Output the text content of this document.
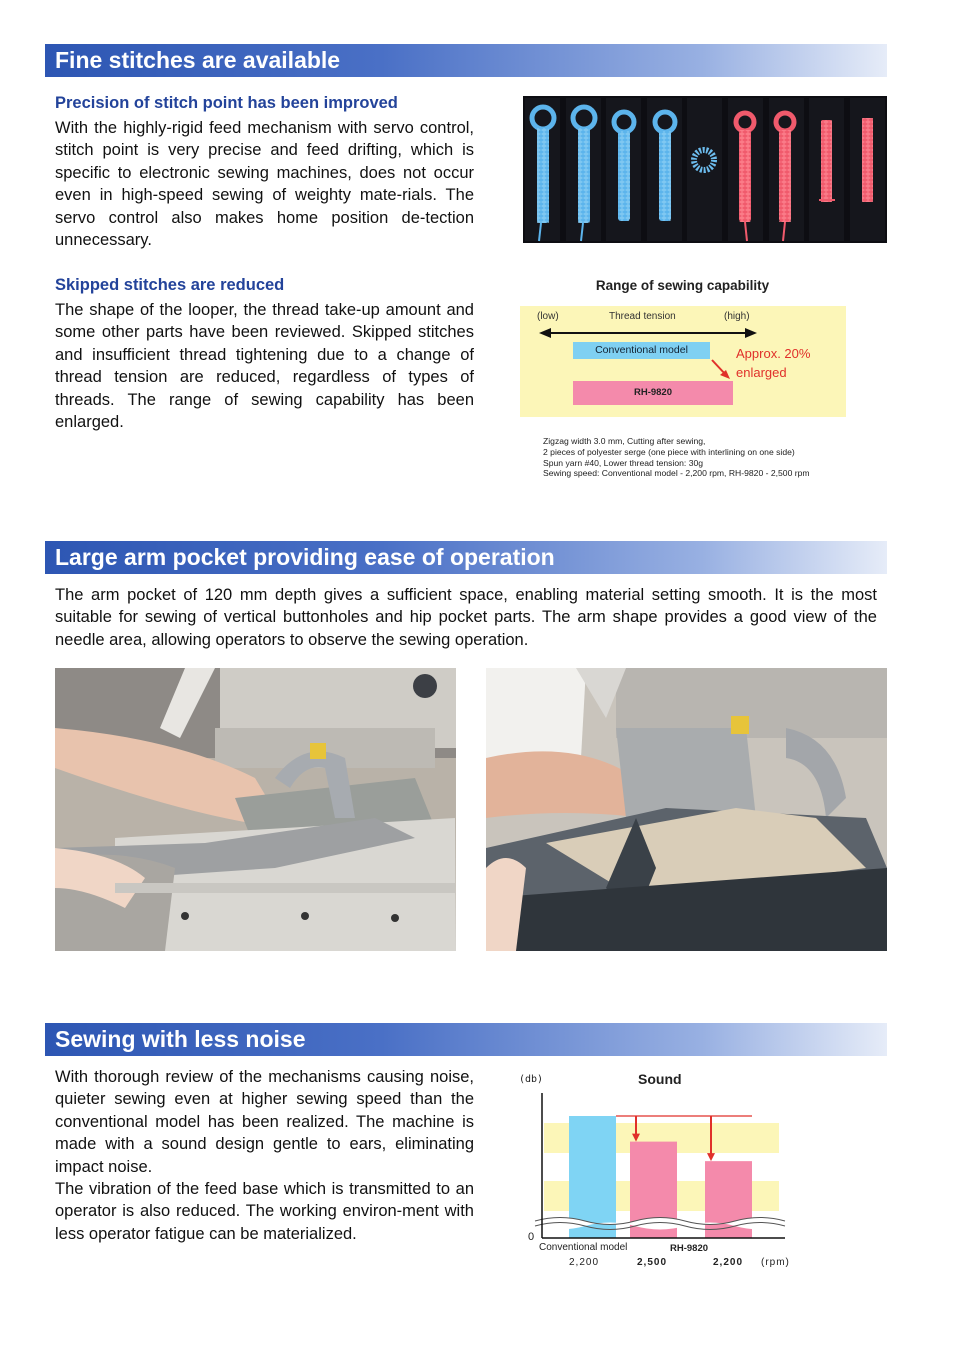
Fine stitches are available

Precision of stitch point has been improved

With the highly-rigid feed mechanism with servo control, stitch point is very precise and feed drifting, which is specific to electronic sewing machines, does not occur even in high-speed sewing of weighty mate-rials. The servo control also makes home position de-tection unnecessary.

Skipped stitches are reduced

The shape of the looper, the thread take-up amount and some other parts have been reviewed. Skipped stitches and insufficient thread tightening due to a change of thread tension are reduced, regardless of types of threads. The range of sewing capability has been enlarged.

Range of sewing capability
(low)	Thread tension	(high)
Conventional model
RH-9820
Approx. 20%
enlarged
Zigzag width 3.0 mm, Cutting after sewing,
2 pieces of polyester serge (one piece with interlining on one side)
Spun yarn #40, Lower thread tension: 30g
Sewing speed: Conventional model - 2,200 rpm, RH-9820 - 2,500 rpm
Large arm pocket providing ease of operation

The arm pocket of 120 mm depth gives a sufficient space, enabling material setting smooth. It is the most suitable for sewing of vertical buttonholes and hip pocket parts. The arm shape provides a good view of the needle area, allowing operators to observe the sewing operation.

Sewing with less noise

With thorough review of the mechanisms causing noise, quieter sewing even at higher sewing speed than the conventional model has been realized. The machine is made with a sound design gentle to ears, eliminating impact noise.

The vibration of the feed base which is transmitted to an operator is also reduced. The working environ-ment with less operator fatigue can be materialized.

Sound
(db)
0
Conventional model	RH-9820
2,200	2,500	2,200 (rpm)
